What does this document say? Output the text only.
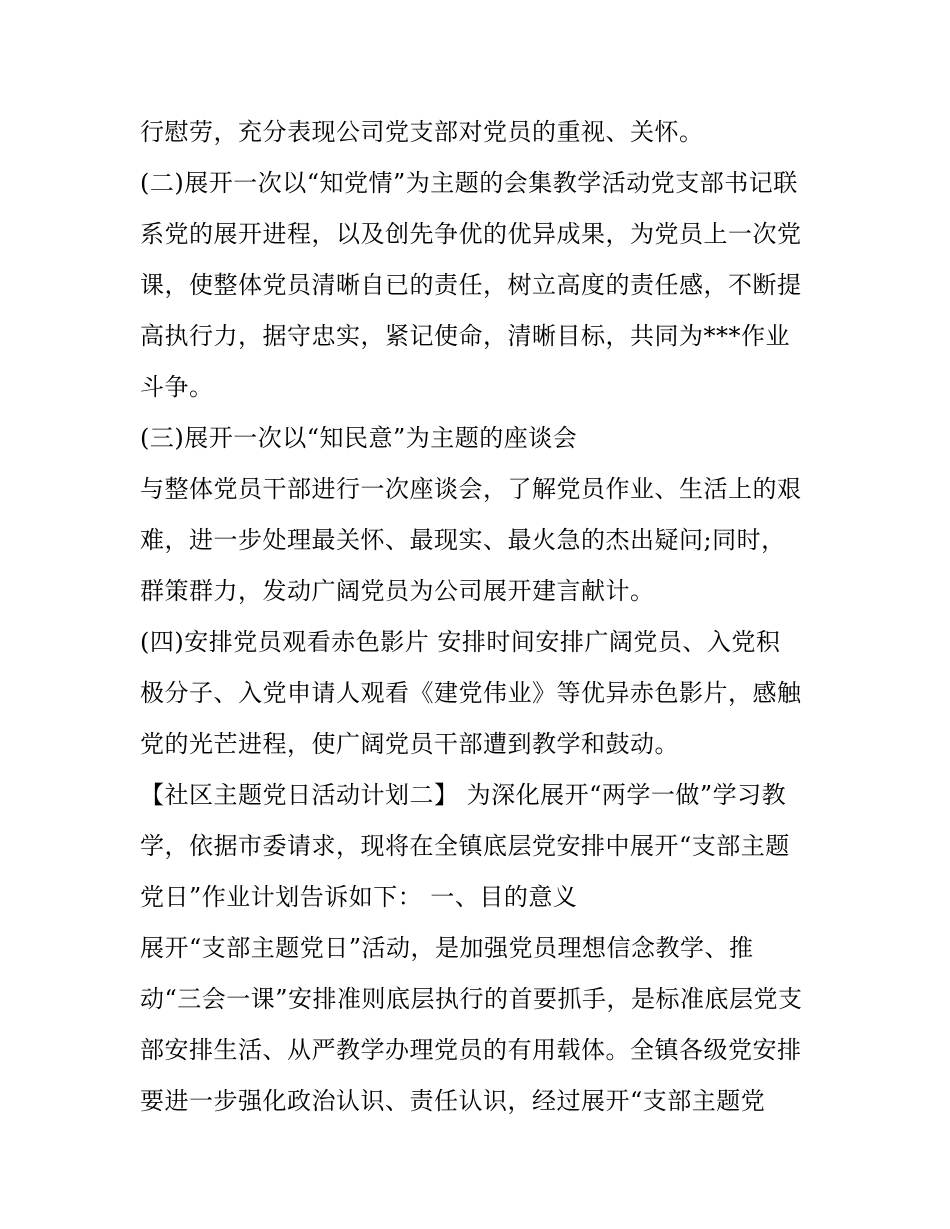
行慰劳，充分表现公司党支部对党员的重视、关怀。
(二)展开一次以“知党情”为主题的会集教学活动党支部书记联
系党的展开进程，以及创先争优的优异成果，为党员上一次党
课，使整体党员清晰自已的责任，树立高度的责任感，不断提
高执行力，据守忠实，紧记使命，清晰目标，共同为***作业
斗争。
(三)展开一次以“知民意”为主题的座谈会
与整体党员干部进行一次座谈会，了解党员作业、生活上的艰
难，进一步处理最关怀、最现实、最火急的杰出疑问;同时，
群策群力，发动广阔党员为公司展开建言献计。
(四)安排党员观看赤色影片 安排时间安排广阔党员、入党积
极分子、入党申请人观看《建党伟业》等优异赤色影片，感触
党的光芒进程，使广阔党员干部遭到教学和鼓动。
【社区主题党日活动计划二】 为深化展开“两学一做”学习教
学，依据市委请求，现将在全镇底层党安排中展开“支部主题
党日”作业计划告诉如下： 一、目的意义
展开“支部主题党日”活动，是加强党员理想信念教学、推
动“三会一课”安排准则底层执行的首要抓手，是标准底层党支
部安排生活、从严教学办理党员的有用载体。全镇各级党安排
要进一步强化政治认识、责任认识，经过展开“支部主题党
